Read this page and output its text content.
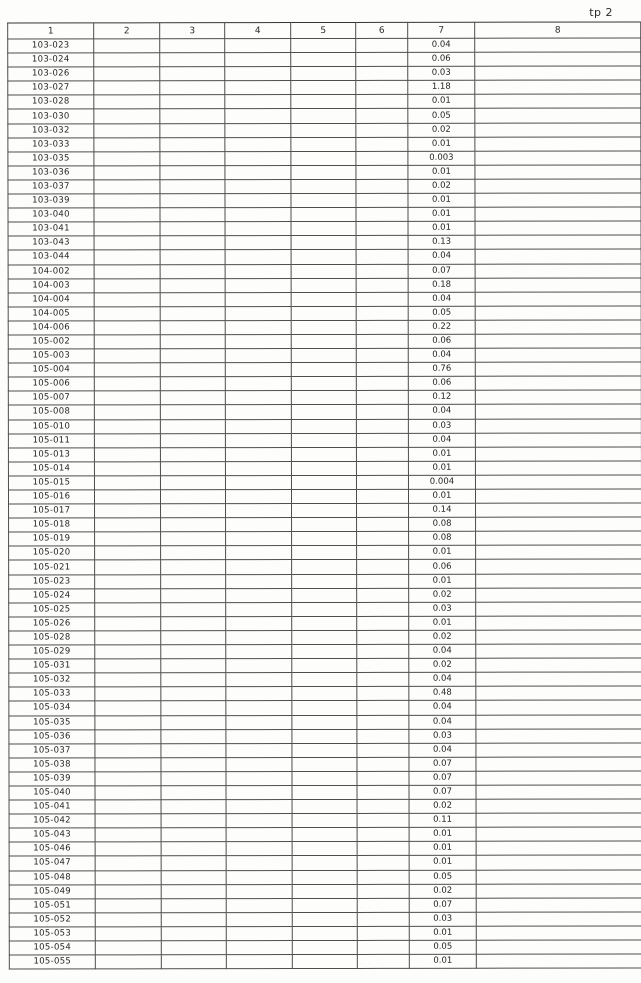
tp 2
1	2	3	4	5	6	7	8
103-023						0.04	
103-024						0.06	
103-026						0.03	
103-027						1.18	
103-028						0.01	
103-030						0.05	
103-032						0.02	
103-033						0.01	
103-035						0.003	
103-036						0.01	
103-037						0.02	
103-039						0.01	
103-040						0.01	
103-041						0.01	
103-043						0.13	
103-044						0.04	
104-002						0.07	
104-003						0.18	
104-004						0.04	
104-005						0.05	
104-006						0.22	
105-002						0.06	
105-003						0.04	
105-004						0.76	
105-006						0.06	
105-007						0.12	
105-008						0.04	
105-010						0.03	
105-011						0.04	
105-013						0.01	
105-014						0.01	
105-015						0.004	
105-016						0.01	
105-017						0.14	
105-018						0.08	
105-019						0.08	
105-020						0.01	
105-021						0.06	
105-023						0.01	
105-024						0.02	
105-025						0.03	
105-026						0.01	
105-028						0.02	
105-029						0.04	
105-031						0.02	
105-032						0.04	
105-033						0.48	
105-034						0.04	
105-035						0.04	
105-036						0.03	
105-037						0.04	
105-038						0.07	
105-039						0.07	
105-040						0.07	
105-041						0.02	
105-042						0.11	
105-043						0.01	
105-046						0.01	
105-047						0.01	
105-048						0.05	
105-049						0.02	
105-051						0.07	
105-052						0.03	
105-053						0.01	
105-054						0.05	
105-055						0.01	
